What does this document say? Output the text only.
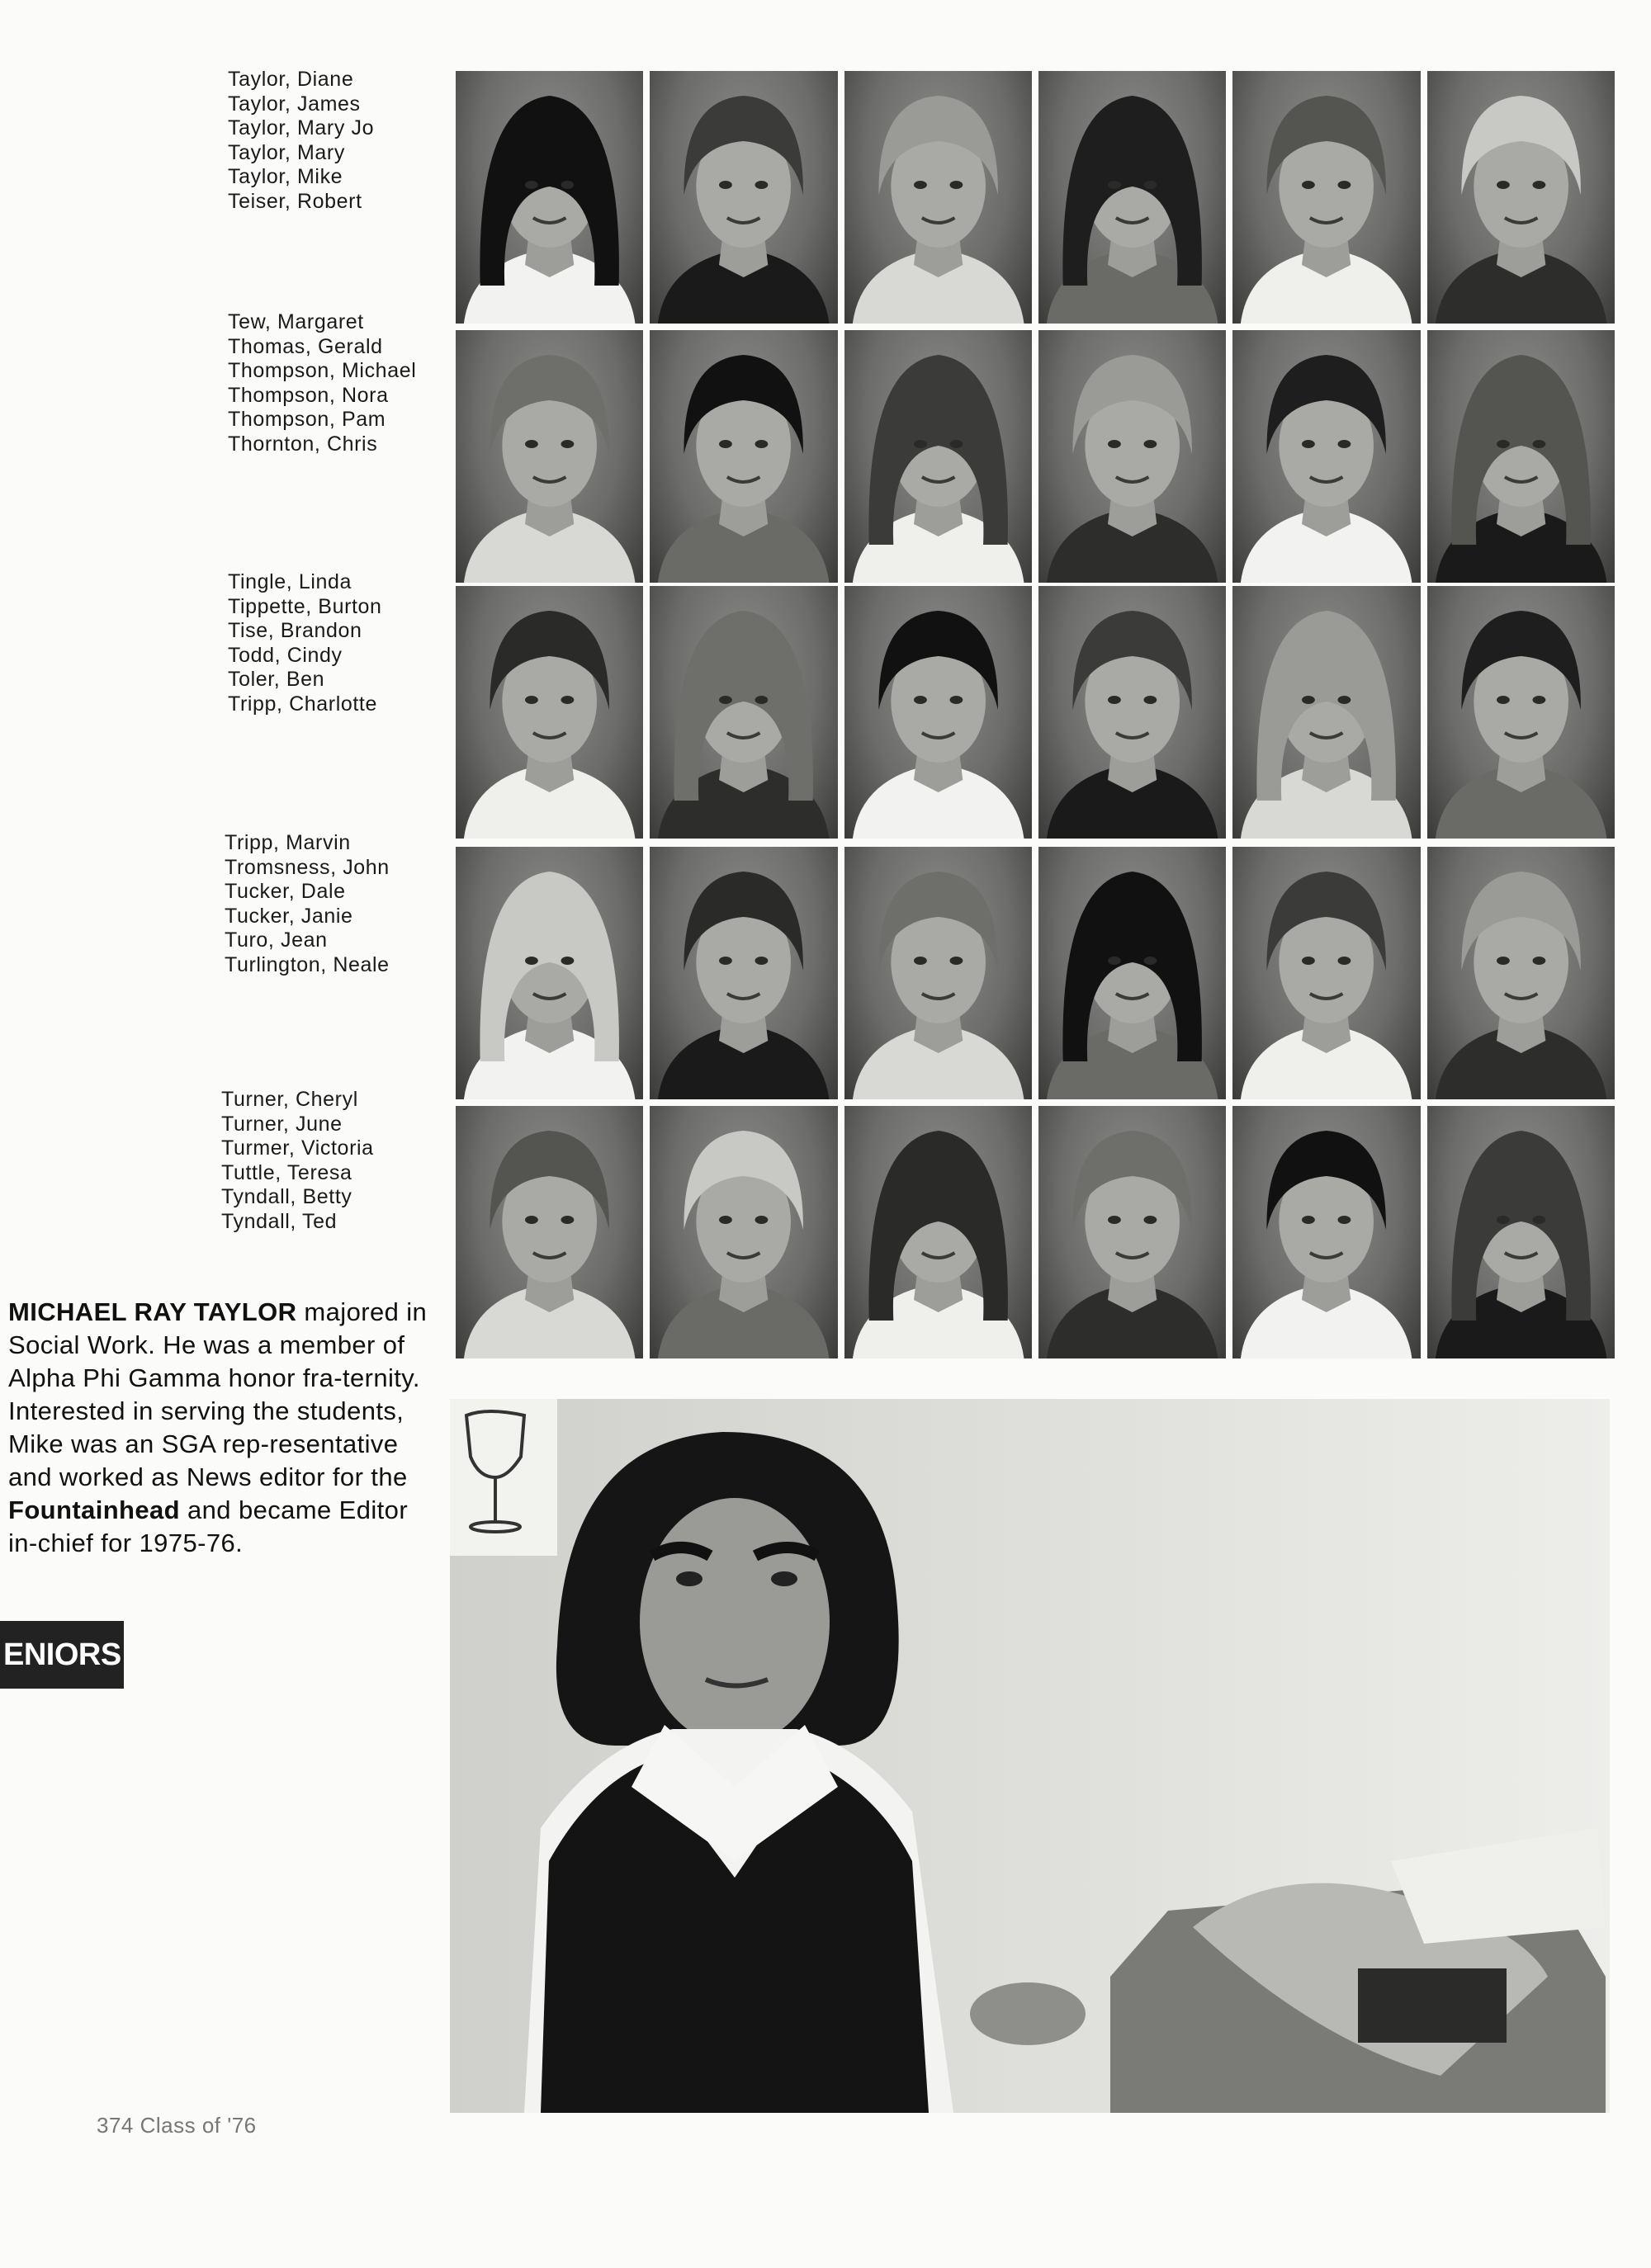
Taylor, Diane
Taylor, James
Taylor, Mary Jo
Taylor, Mary
Taylor, Mike
Teiser, Robert
Tew, Margaret
Thomas, Gerald
Thompson, Michael
Thompson, Nora
Thompson, Pam
Thornton, Chris
Tingle, Linda
Tippette, Burton
Tise, Brandon
Todd, Cindy
Toler, Ben
Tripp, Charlotte
Tripp, Marvin
Tromsness, John
Tucker, Dale
Tucker, Janie
Turo, Jean
Turlington, Neale
Turner, Cheryl
Turner, June
Turmer, Victoria
Tuttle, Teresa
Tyndall, Betty
Tyndall, Ted
MICHAEL RAY TAYLOR majored in Social Work. He was a member of Alpha Phi Gamma honor fra-ternity. Interested in serving the students, Mike was an SGA rep-resentative and worked as News editor for the Fountainhead and became Editor in-chief for 1975-76.
ENIORS
374 Class of '76
